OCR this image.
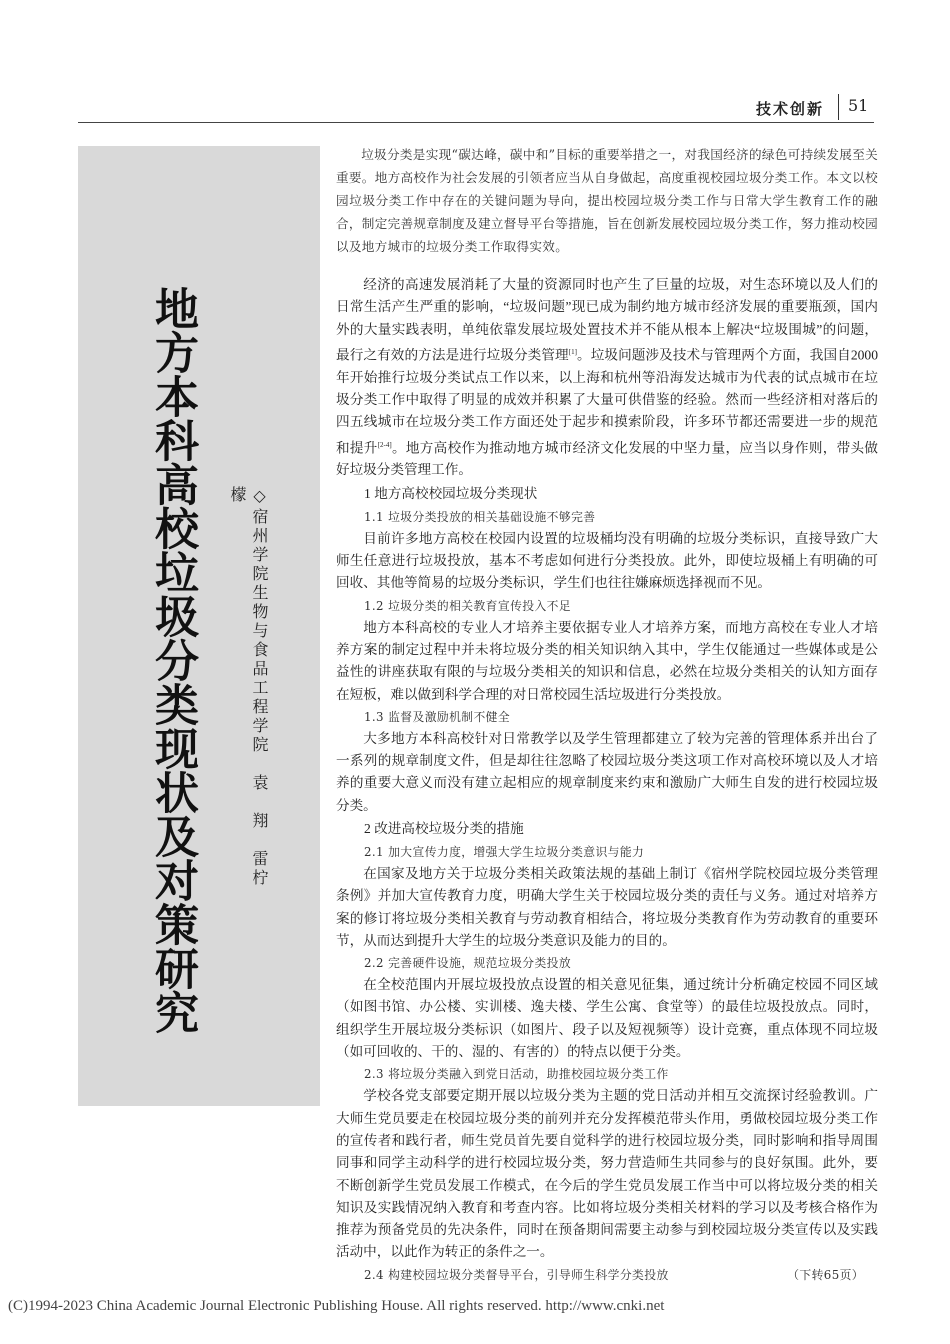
技术创新 51
地方本科高校垃圾分类现状及对策研究	◇宿州学院生物与食品工程学院　袁　翔　雷柠檬

垃圾分类是实现“碳达峰，碳中和”目标的重要举措之一，对我国经济的绿色可持续发展至关重要。地方高校作为社会发展的引领者应当从自身做起，高度重视校园垃圾分类工作。本文以校园垃圾分类工作中存在的关键问题为导向，提出校园垃圾分类工作与日常大学生教育工作的融合，制定完善规章制度及建立督导平台等措施，旨在创新发展校园垃圾分类工作，努力推动校园以及地方城市的垃圾分类工作取得实效。

经济的高速发展消耗了大量的资源同时也产生了巨量的垃圾，对生态环境以及人们的日常生活产生严重的影响，“垃圾问题”现已成为制约地方城市经济发展的重要瓶颈，国内外的大量实践表明，单纯依靠发展垃圾处置技术并不能从根本上解决“垃圾围城”的问题，最行之有效的方法是进行垃圾分类管理[1]。垃圾问题涉及技术与管理两个方面，我国自2000年开始推行垃圾分类试点工作以来，以上海和杭州等沿海发达城市为代表的试点城市在垃圾分类工作中取得了明显的成效并积累了大量可供借鉴的经验。然而一些经济相对落后的四五线城市在垃圾分类工作方面还处于起步和摸索阶段，许多环节都还需要进一步的规范和提升[2-4]。地方高校作为推动地方城市经济文化发展的中坚力量，应当以身作则，带头做好垃圾分类管理工作。

1 地方高校校园垃圾分类现状

1.1 垃圾分类投放的相关基础设施不够完善

目前许多地方高校在校园内设置的垃圾桶均没有明确的垃圾分类标识，直接导致广大师生任意进行垃圾投放，基本不考虑如何进行分类投放。此外，即使垃圾桶上有明确的可回收、其他等简易的垃圾分类标识，学生们也往往嫌麻烦选择视而不见。

1.2 垃圾分类的相关教育宣传投入不足

地方本科高校的专业人才培养主要依据专业人才培养方案，而地方高校在专业人才培养方案的制定过程中并未将垃圾分类的相关知识纳入其中，学生仅能通过一些媒体或是公益性的讲座获取有限的与垃圾分类相关的知识和信息，必然在垃圾分类相关的认知方面存在短板，难以做到科学合理的对日常校园生活垃圾进行分类投放。

1.3 监督及激励机制不健全

大多地方本科高校针对日常教学以及学生管理都建立了较为完善的管理体系并出台了一系列的规章制度文件，但是却往往忽略了校园垃圾分类这项工作对高校环境以及人才培养的重要大意义而没有建立起相应的规章制度来约束和激励广大师生自发的进行校园垃圾分类。

2 改进高校垃圾分类的措施

2.1 加大宣传力度，增强大学生垃圾分类意识与能力

在国家及地方关于垃圾分类相关政策法规的基础上制订《宿州学院校园垃圾分类管理条例》并加大宣传教育力度，明确大学生关于校园垃圾分类的责任与义务。通过对培养方案的修订将垃圾分类相关教育与劳动教育相结合，将垃圾分类教育作为劳动教育的重要环节，从而达到提升大学生的垃圾分类意识及能力的目的。

2.2 完善硬件设施，规范垃圾分类投放

在全校范围内开展垃圾投放点设置的相关意见征集，通过统计分析确定校园不同区域（如图书馆、办公楼、实训楼、逸夫楼、学生公寓、食堂等）的最佳垃圾投放点。同时，组织学生开展垃圾分类标识（如图片、段子以及短视频等）设计竞赛，重点体现不同垃圾（如可回收的、干的、湿的、有害的）的特点以便于分类。

2.3 将垃圾分类融入到党日活动，助推校园垃圾分类工作

学校各党支部要定期开展以垃圾分类为主题的党日活动并相互交流探讨经验教训。广大师生党员要走在校园垃圾分类的前列并充分发挥模范带头作用，勇做校园垃圾分类工作的宣传者和践行者，师生党员首先要自觉科学的进行校园垃圾分类，同时影响和指导周围同事和同学主动科学的进行校园垃圾分类，努力营造师生共同参与的良好氛围。此外，要不断创新学生党员发展工作模式，在今后的学生党员发展工作当中可以将垃圾分类的相关知识及实践情况纳入教育和考查内容。比如将垃圾分类相关材料的学习以及考核合格作为推荐为预备党员的先决条件，同时在预备期间需要主动参与到校园垃圾分类宣传以及实践活动中，以此作为转正的条件之一。

2.4 构建校园垃圾分类督导平台，引导师生科学分类投放	（下转65页）
(C)1994-2023 China Academic Journal Electronic Publishing House. All rights reserved. http://www.cnki.net
